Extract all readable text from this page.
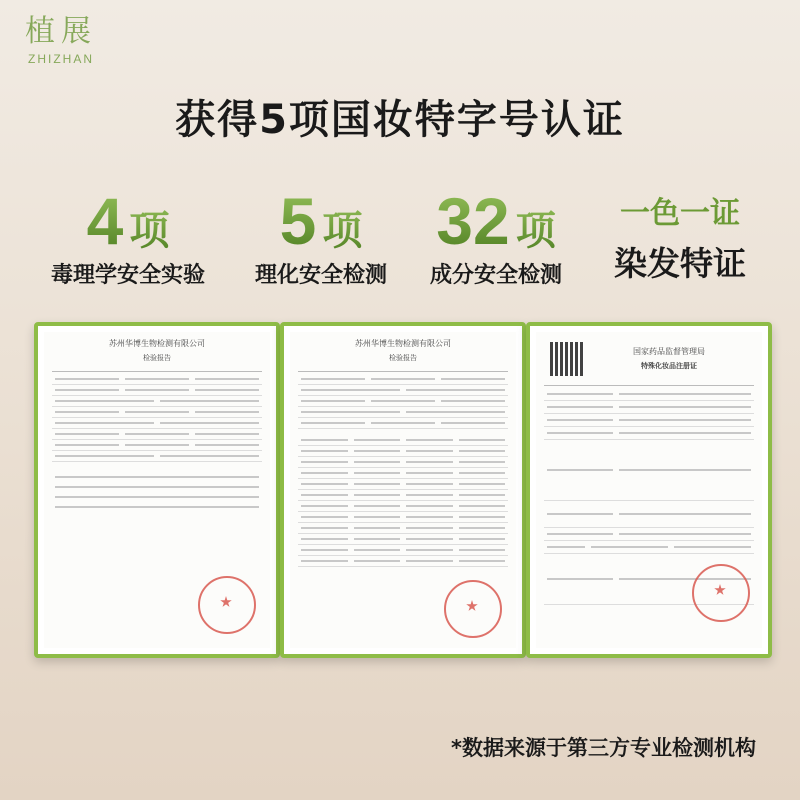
植展
ZHIZHAN
获得5项国妆特字号认证
4 项
毒理学安全实验
5 项
理化安全检测
32 项
成分安全检测
一色一证
染发特证
苏州华博生物检测有限公司
检验报告
苏州华博生物检测有限公司
检验报告
国家药品监督管理局
特殊化妆品注册证
*数据来源于第三方专业检测机构
